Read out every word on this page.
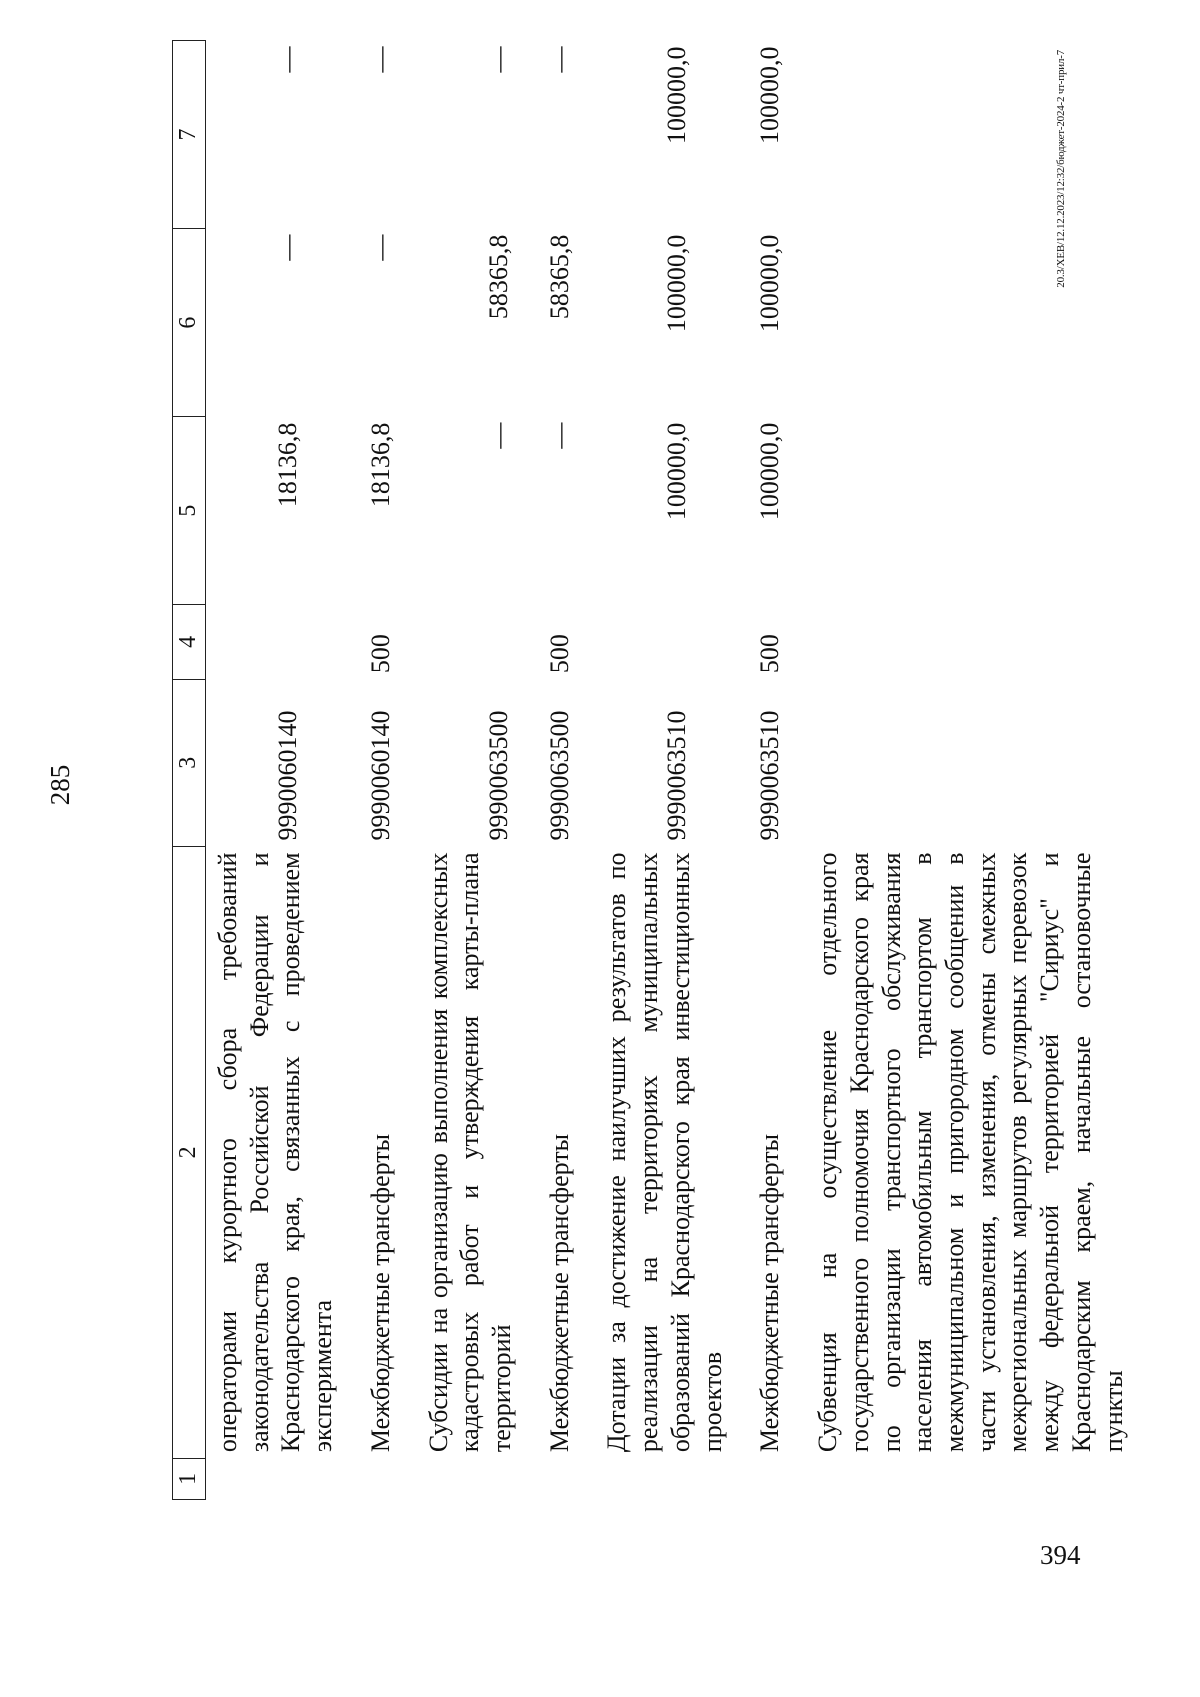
285
1	2	3	4	5	6	7
	операторами курортного сбора требований законодательства Российской Федерации и Краснодарского края, связанных с проведением эксперимента	9990060140		18136,8	—	—
	Межбюджетные трансферты	9990060140	500	18136,8	—	—
	Субсидии на организацию выполнения комплексных кадастровых работ и утверждения карты-плана территорий	9990063500		—	58365,8	—
	Межбюджетные трансферты	9990063500	500	—	58365,8	—
	Дотации за достижение наилучших результатов по реализации на территориях муниципальных образований Краснодарского края инвестиционных проектов	9990063510		100000,0	100000,0	100000,0
	Межбюджетные трансферты	9990063510	500	100000,0	100000,0	100000,0
	Субвенция на осуществление отдельного государственного полномочия Краснодарского края по организации транспортного обслуживания населения автомобильным транспортом в межмуниципальном и пригородном сообщении в части установления, изменения, отмены смежных межрегиональных маршрутов регулярных перевозок между федеральной территорией "Сириус" и Краснодарским краем, начальные остановочные пункты					
20.3/XEB/12.12.2023/12:32/бюджет-2024-2 чт-прил-7
394
